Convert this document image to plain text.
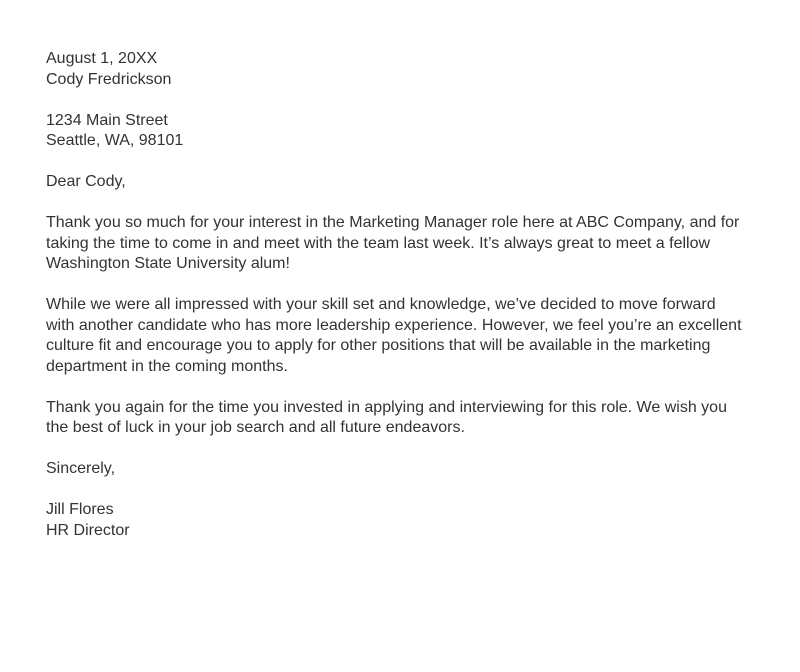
August 1, 20XX
Cody Fredrickson
1234 Main Street
Seattle, WA, 98101
Dear Cody,
Thank you so much for your interest in the Marketing Manager role here at ABC Company, and for
taking the time to come in and meet with the team last week. It’s always great to meet a fellow
Washington State University alum!
While we were all impressed with your skill set and knowledge, we’ve decided to move forward
with another candidate who has more leadership experience. However, we feel you’re an excellent
culture fit and encourage you to apply for other positions that will be available in the marketing
department in the coming months.
Thank you again for the time you invested in applying and interviewing for this role. We wish you
the best of luck in your job search and all future endeavors.
Sincerely,
Jill Flores
HR Director
